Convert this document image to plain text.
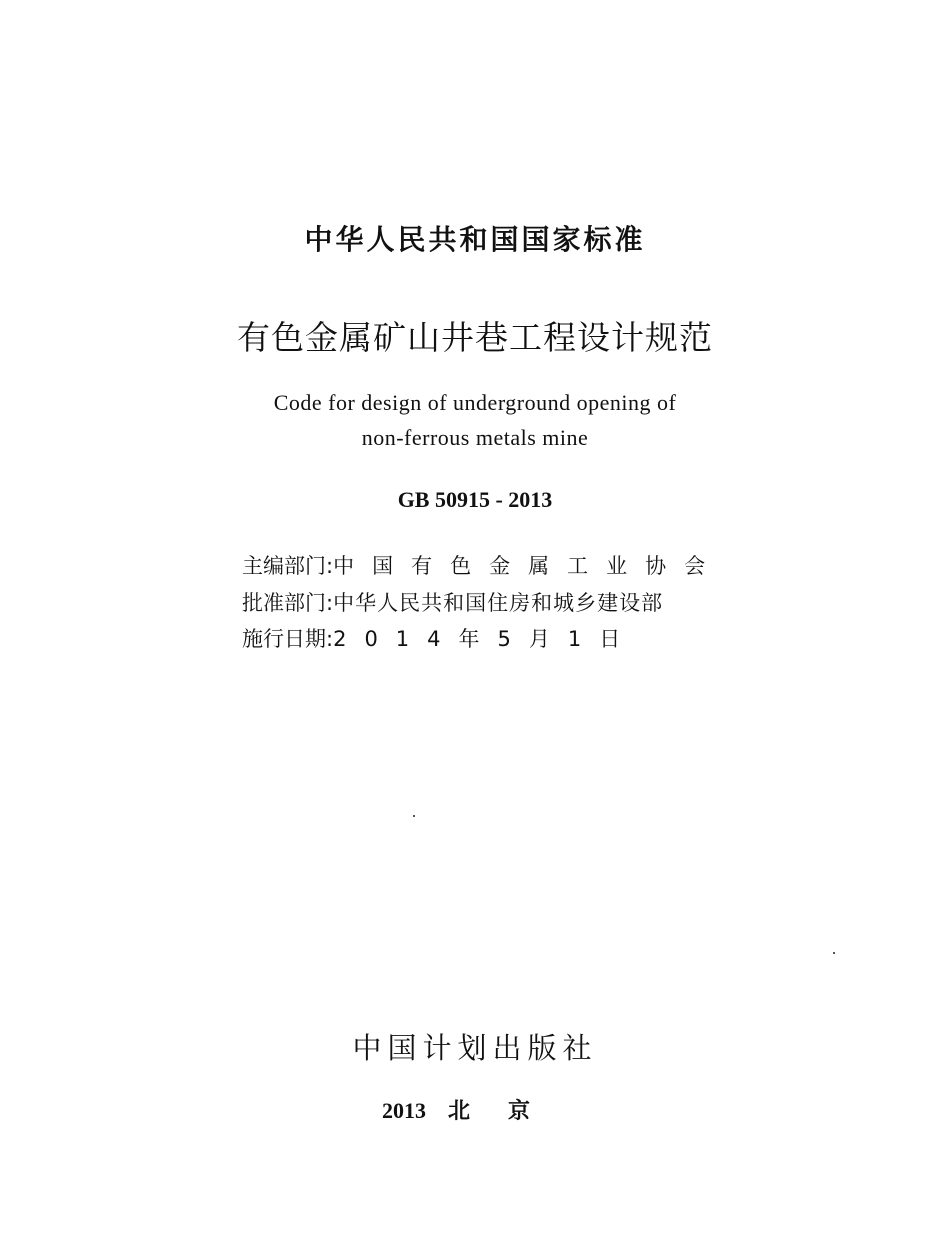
中华人民共和国国家标准
有色金属矿山井巷工程设计规范
Code for design of underground opening of
non-ferrous metals mine
GB 50915 - 2013
主编部门:中国有色金属工业协会
批准部门:中华人民共和国住房和城乡建设部
施行日期:2014年5月1日
中国计划出版社
2013 北京
